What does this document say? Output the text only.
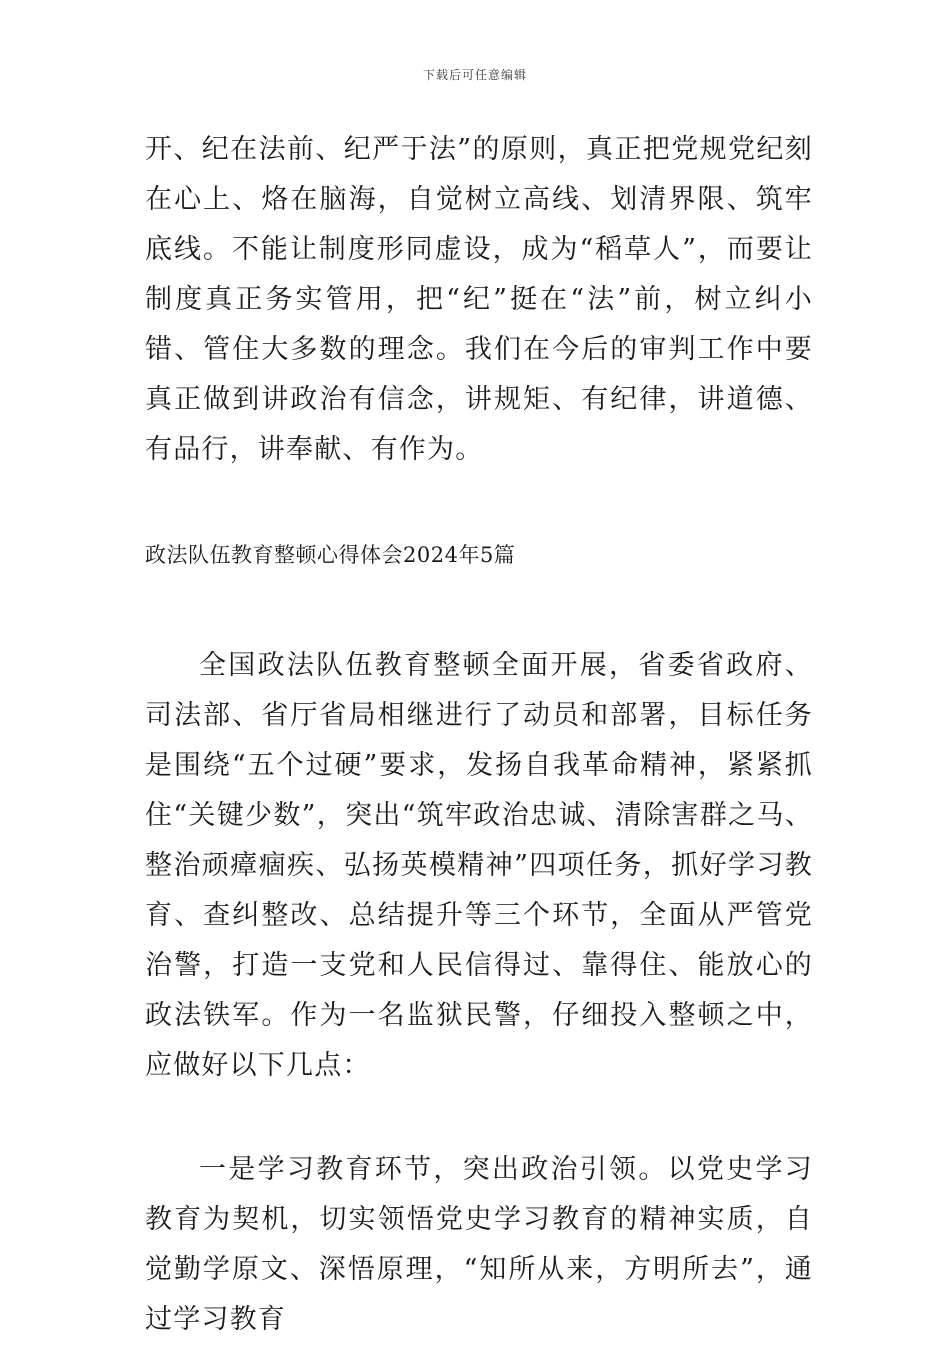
下载后可任意编辑

开、纪在法前、纪严于法”的原则，真正把党规党纪刻在心上、烙在脑海，自觉树立高线、划清界限、筑牢底线。不能让制度形同虚设，成为“稻草人”，而要让制度真正务实管用，把“纪”挺在“法”前，树立纠小错、管住大多数的理念。我们在今后的审判工作中要真正做到讲政治有信念，讲规矩、有纪律，讲道德、有品行，讲奉献、有作为。

政法队伍教育整顿心得体会2024年5篇

全国政法队伍教育整顿全面开展，省委省政府、司法部、省厅省局相继进行了动员和部署，目标任务是围绕“五个过硬”要求，发扬自我革命精神，紧紧抓住“关键少数”，突出“筑牢政治忠诚、清除害群之马、整治顽瘴痼疾、弘扬英模精神”四项任务，抓好学习教育、查纠整改、总结提升等三个环节，全面从严管党治警，打造一支党和人民信得过、靠得住、能放心的政法铁军。作为一名监狱民警，仔细投入整顿之中，应做好以下几点：

一是学习教育环节，突出政治引领。以党史学习教育为契机，切实领悟党史学习教育的精神实质，自觉勤学原文、深悟原理，“知所从来，方明所去”，通过学习教育
